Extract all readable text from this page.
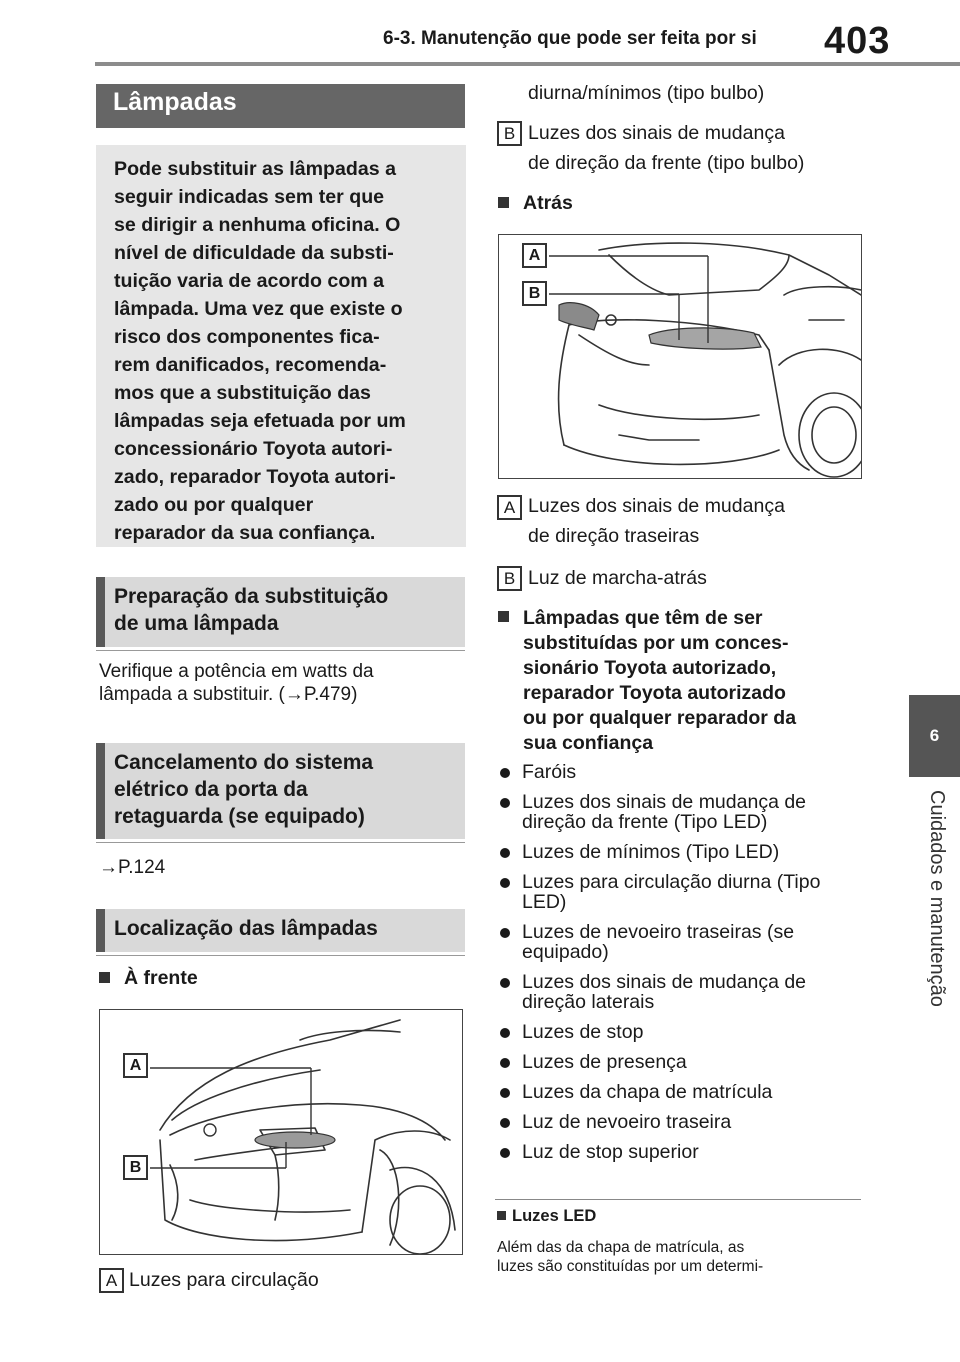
6-3. Manutenção que pode ser feita por si 403
6
Cuidados e manutenção
Lâmpadas

Pode substituir as lâmpadas a

seguir indicadas sem ter que

se dirigir a nenhuma oficina. O

nível de dificuldade da substi-

tuição varia de acordo com a

lâmpada. Uma vez que existe o

risco dos componentes fica-

rem danificados, recomenda-

mos que a substituição das

lâmpadas seja efetuada por um

concessionário Toyota autori-

zado, reparador Toyota autori-

zado ou por qualquer

reparador da sua confiança.

Preparação da substituição
de uma lâmpada
Verifique a potência em watts da
lâmpada a substituir. (→P.479)
Cancelamento do sistema
elétrico da porta da
retaguarda (se equipado)
→P.124
Localização das lâmpadas
À frente
A
B
A Luzes para circulação
diurna/mínimos (tipo bulbo)
B Luzes dos sinais de mudança
de direção da frente (tipo bulbo)
Atrás
A
B
A Luzes dos sinais de mudança
de direção traseiras
B Luz de marcha-atrás
Lâmpadas que têm de ser
substituídas por um conces-
sionário Toyota autorizado,
reparador Toyota autorizado
ou por qualquer reparador da
sua confiança
Faróis
Luzes dos sinais de mudança de direção da frente (Tipo LED)
Luzes de mínimos (Tipo LED)
Luzes para circulação diurna (Tipo LED)
Luzes de nevoeiro traseiras (se equipado)
Luzes dos sinais de mudança de direção laterais
Luzes de stop
Luzes de presença
Luzes da chapa de matrícula
Luz de nevoeiro traseira
Luz de stop superior
Luzes LED
Além das da chapa de matrícula, as
luzes são constituídas por um determi-
